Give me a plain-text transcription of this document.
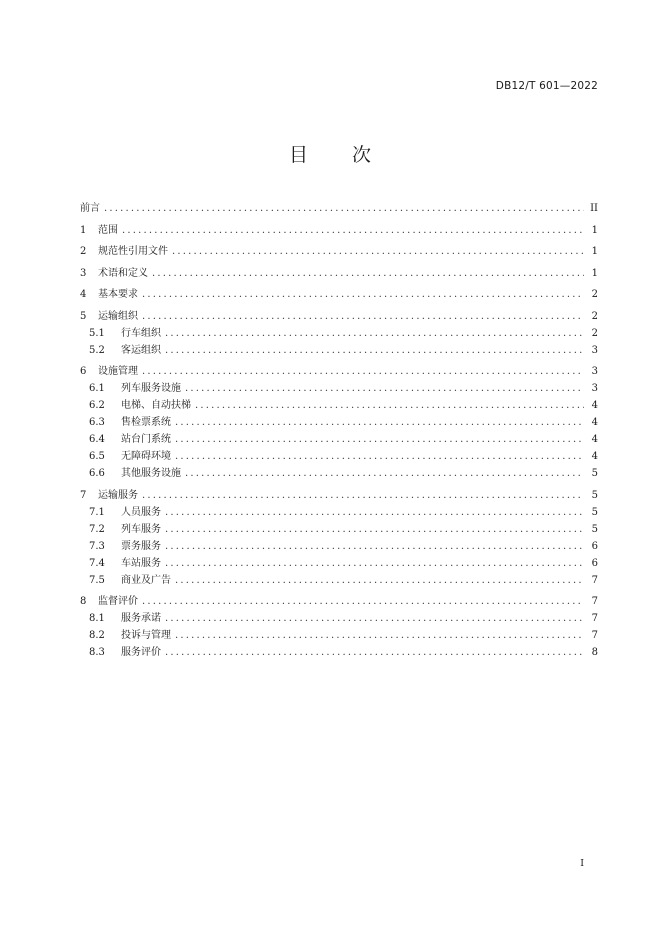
DB12/T 601—2022
目　　次
前言 .....	II
1	范围 .....	1
2	规范性引用文件 .....	1
3	术语和定义 .....	1
4	基本要求 .....	2
5	运输组织 .....	2
5.1	行车组织 .....	2
5.2	客运组织 .....	3
6	设施管理 .....	3
6.1	列车服务设施 .....	3
6.2	电梯、自动扶梯 .....	4
6.3	售检票系统 .....	4
6.4	站台门系统 .....	4
6.5	无障碍环境 .....	4
6.6	其他服务设施 .....	5
7	运输服务 .....	5
7.1	人员服务 .....	5
7.2	列车服务 .....	5
7.3	票务服务 .....	6
7.4	车站服务 .....	6
7.5	商业及广告 .....	7
8	监督评价 .....	7
8.1	服务承诺 .....	7
8.2	投诉与管理 .....	7
8.3	服务评价 .....	8
I
